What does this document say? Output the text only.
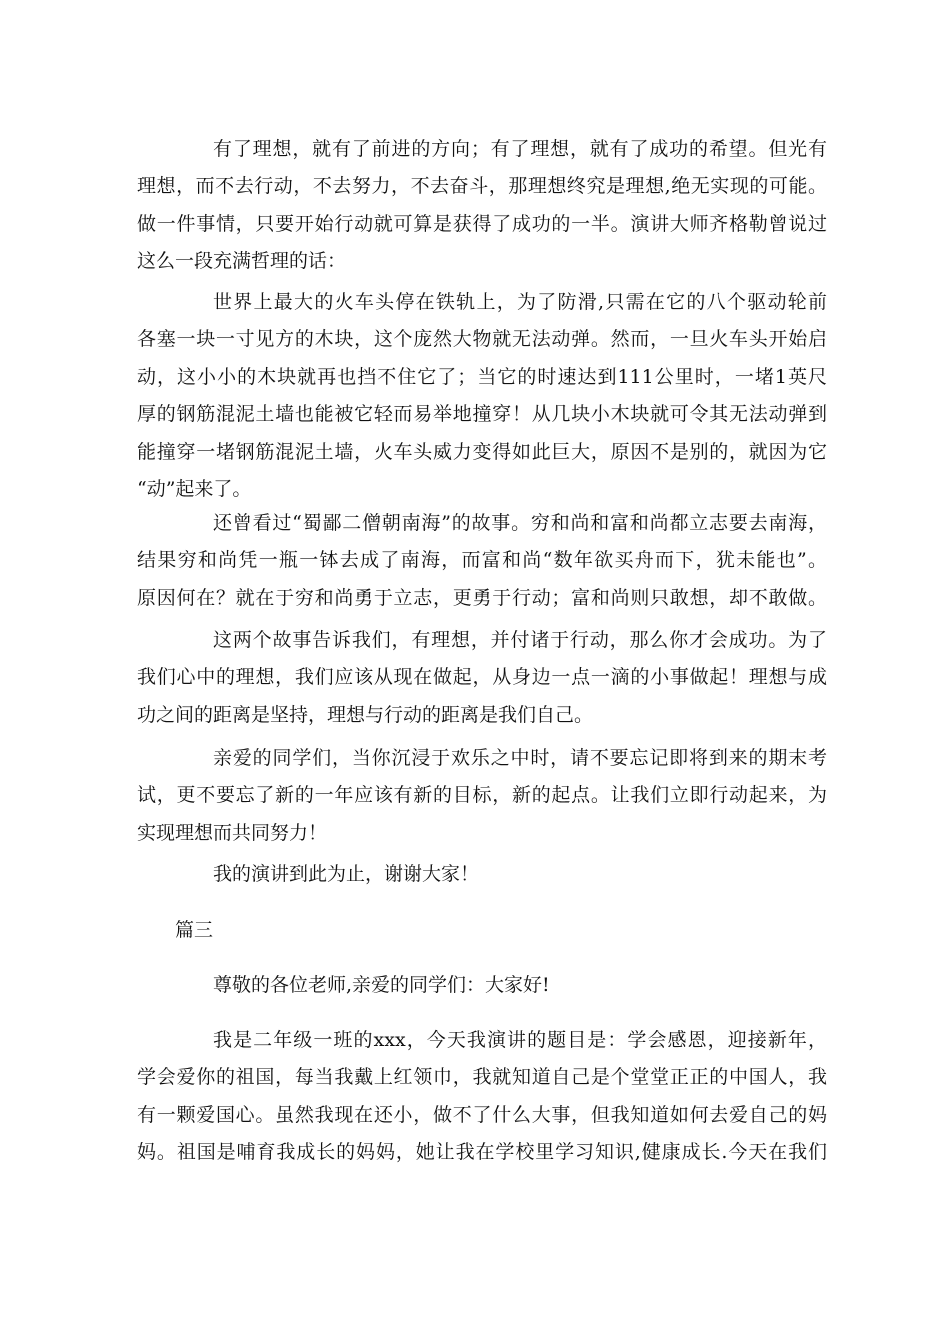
有了理想，就有了前进的方向；有了理想，就有了成功的希望。但光有
理想，而不去行动，不去努力，不去奋斗，那理想终究是理想,绝无实现的可能。
做一件事情，只要开始行动就可算是获得了成功的一半。演讲大师齐格勒曾说过
这么一段充满哲理的话：
世界上最大的火车头停在铁轨上，为了防滑,只需在它的八个驱动轮前
各塞一块一寸见方的木块，这个庞然大物就无法动弹。然而，一旦火车头开始启
动，这小小的木块就再也挡不住它了；当它的时速达到111公里时，一堵1英尺
厚的钢筋混泥土墙也能被它轻而易举地撞穿！从几块小木块就可令其无法动弹到
能撞穿一堵钢筋混泥土墙，火车头威力变得如此巨大，原因不是别的，就因为它
“动”起来了。
还曾看过“蜀鄙二僧朝南海”的故事。穷和尚和富和尚都立志要去南海，
结果穷和尚凭一瓶一钵去成了南海，而富和尚“数年欲买舟而下，犹未能也”。
原因何在？就在于穷和尚勇于立志，更勇于行动；富和尚则只敢想，却不敢做。
这两个故事告诉我们，有理想，并付诸于行动，那么你才会成功。为了
我们心中的理想，我们应该从现在做起，从身边一点一滴的小事做起！理想与成
功之间的距离是坚持，理想与行动的距离是我们自己。
亲爱的同学们，当你沉浸于欢乐之中时，请不要忘记即将到来的期末考
试，更不要忘了新的一年应该有新的目标，新的起点。让我们立即行动起来，为
实现理想而共同努力！
我的演讲到此为止，谢谢大家！
篇三
尊敬的各位老师,亲爱的同学们：大家好!
我是二年级一班的xxx，今天我演讲的题目是：学会感恩，迎接新年，
学会爱你的祖国，每当我戴上红领巾，我就知道自己是个堂堂正正的中国人，我
有一颗爱国心。虽然我现在还小，做不了什么大事，但我知道如何去爱自己的妈
妈。祖国是哺育我成长的妈妈，她让我在学校里学习知识,健康成长.今天在我们
